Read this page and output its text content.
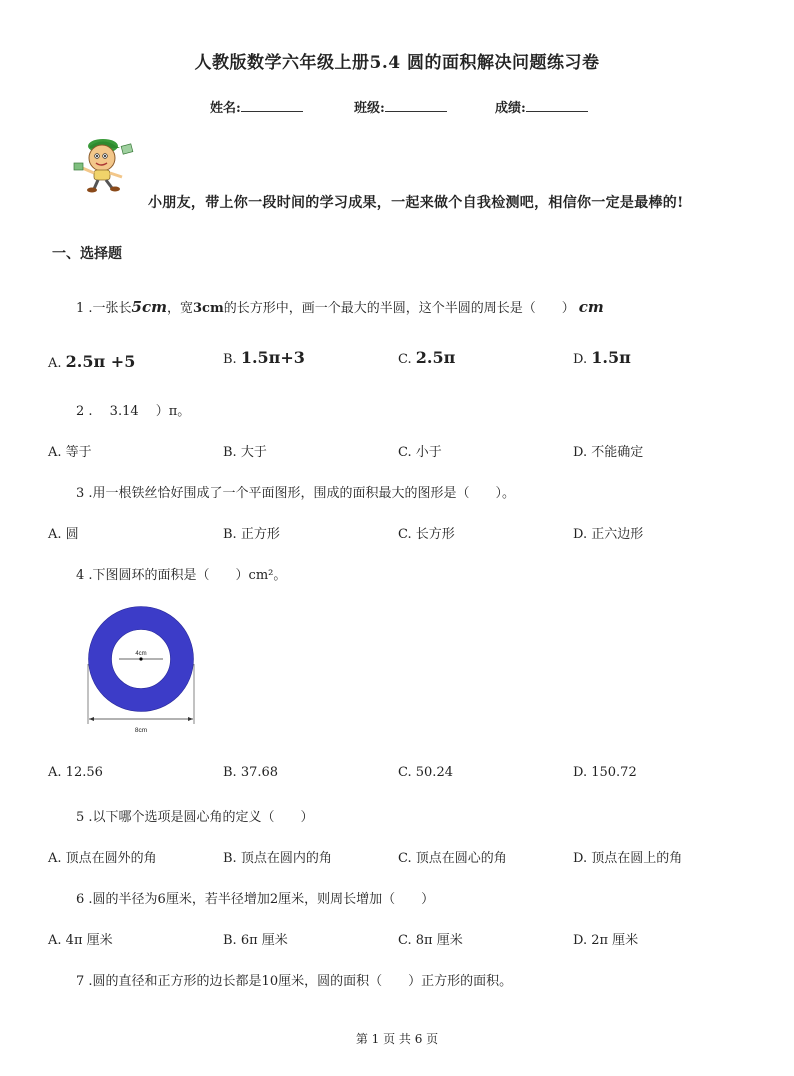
人教版数学六年级上册5.4 圆的面积解决问题练习卷
姓名:	班级:	成绩:
小朋友，带上你一段时间的学习成果，一起来做个自我检测吧，相信你一定是最棒的!
一、选择题
1 .一张长5cm，宽3cm的长方形中，画一个最大的半圆，这个半圆的周长是（　　） cm
A. 2.5π +5	B. 1.5π+3	C. 2.5π	D. 1.5π
2 .　 3.14　 ）π。
A. 等于	B. 大于	C. 小于	D. 不能确定
3 .用一根铁丝恰好围成了一个平面图形，围成的面积最大的图形是（　　）。
A. 圆	B. 正方形	C. 长方形	D. 正六边形
4 .下图圆环的面积是（　　）cm²。
4cm
8cm
A. 12.56	B. 37.68	C. 50.24	D. 150.72
5 .以下哪个选项是圆心角的定义（　　）
A. 顶点在圆外的角	B. 顶点在圆内的角	C. 顶点在圆心的角	D. 顶点在圆上的角
6 .圆的半径为6厘米，若半径增加2厘米，则周长增加（　　）
A. 4π 厘米	B. 6π 厘米	C. 8π 厘米	D. 2π 厘米
7 .圆的直径和正方形的边长都是10厘米，圆的面积（　　）正方形的面积。
第 1 页 共 6 页
